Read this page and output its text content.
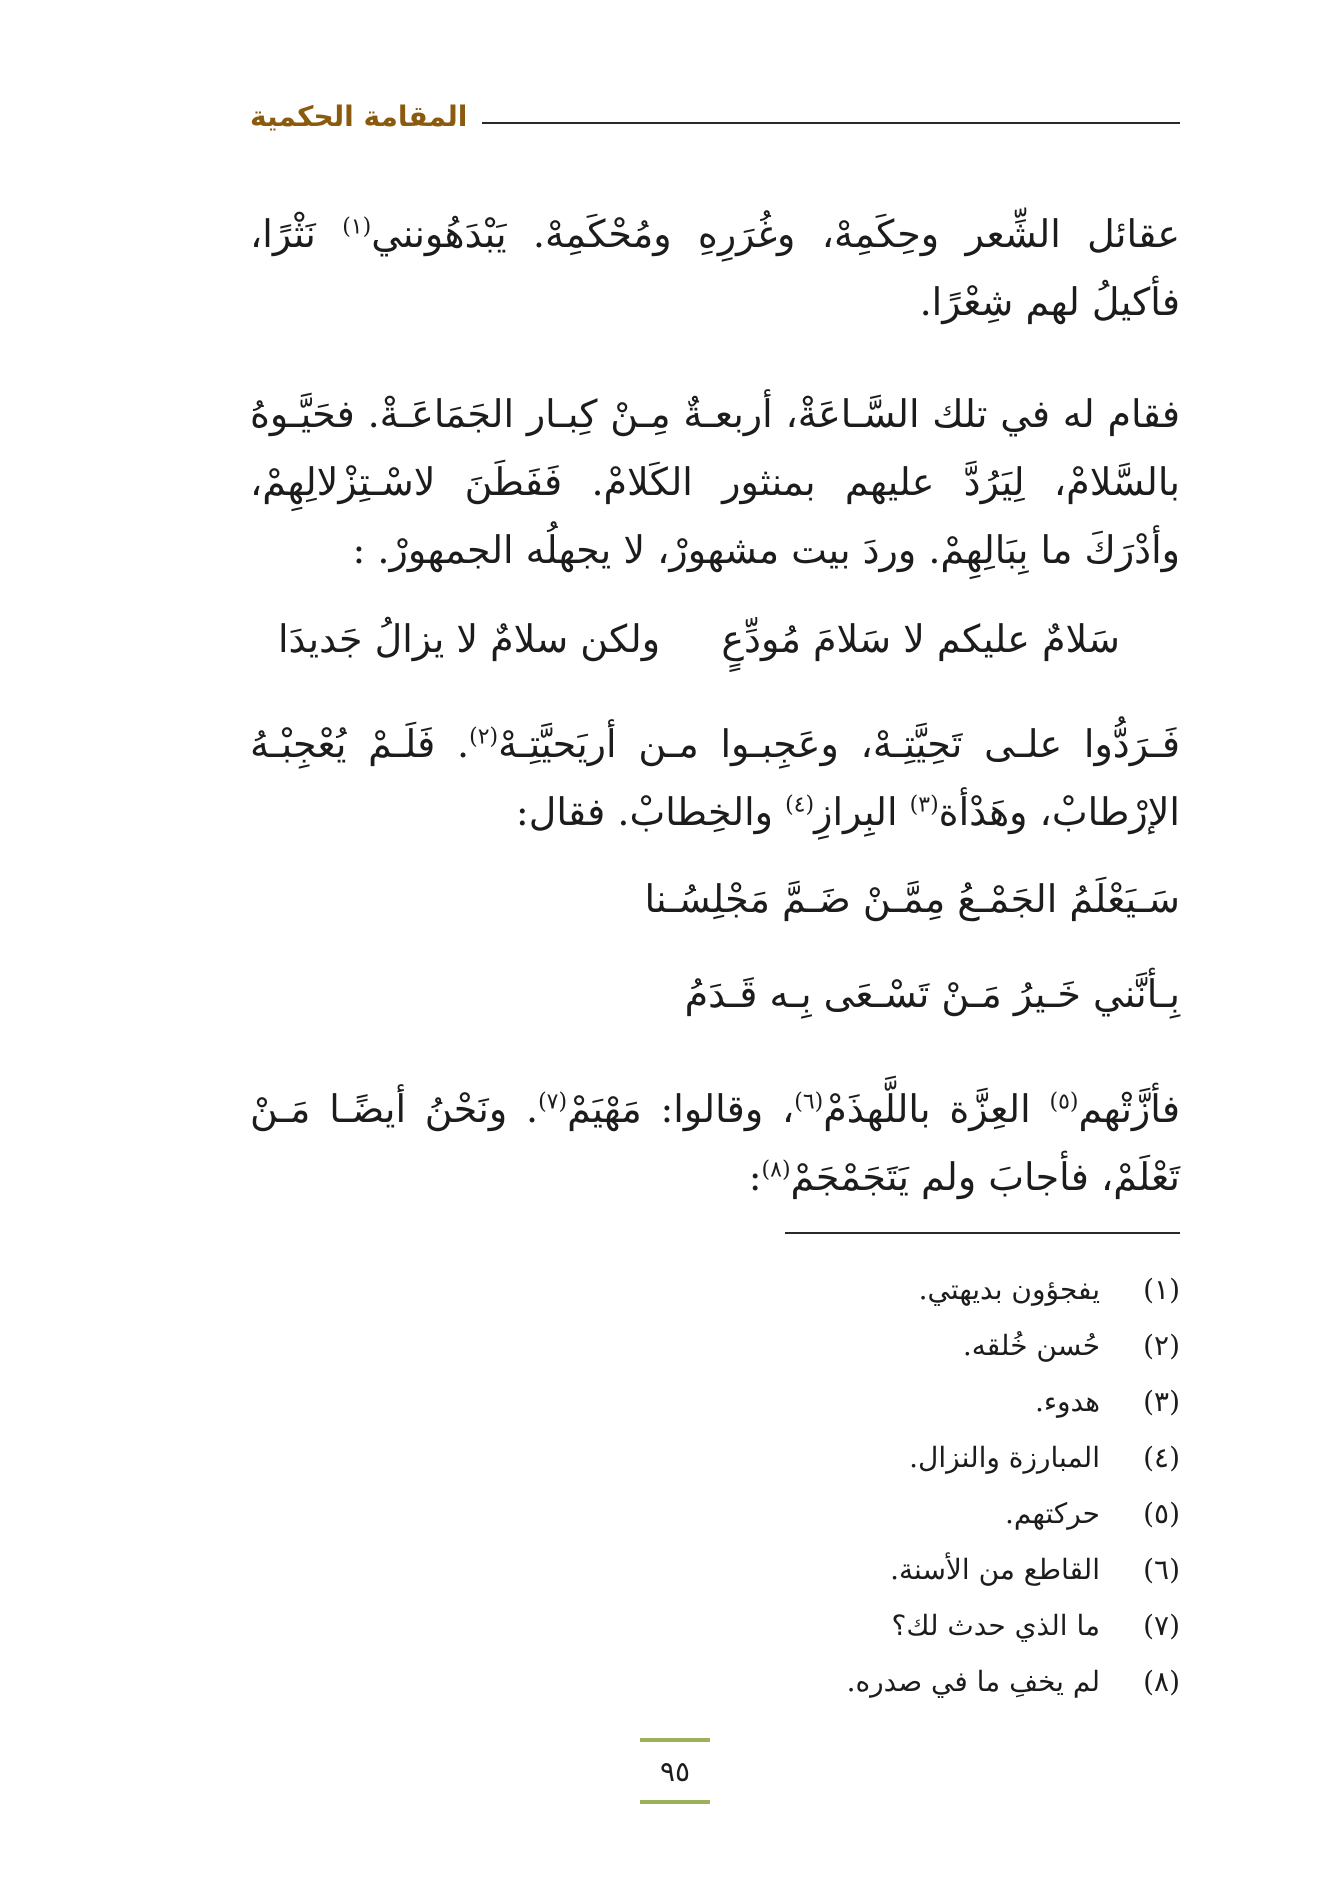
المقامة الحكمية

عقائل الشِّعر وحِكَمِهْ، وغُرَرِهِ ومُحْكَمِهْ. يَبْدَهُونني$^{(١)}$ نَثْرًا، فأكيلُ لهم شِعْرًا.

فقام له في تلك السَّـاعَةْ، أربعـةٌ مِـنْ كِبـار الجَمَاعَـةْ. فحَيَّـوهُ بالسَّلامْ، لِيَرُدَّ عليهم بمنثور الكَلامْ. فَفَطَنَ لاسْـتِزْلالِهِمْ، وأدْرَكَ ما بِبَالِهِمْ. وردَ بيت مشهورْ، لا يجهلُه الجمهورْ. :

سَلامٌ عليكم لا سَلامَ مُودِّعٍ
ولكن سلامٌ لا يزالُ جَديدَا

فَـرَدُّوا علـى تَحِيَّتِـهْ، وعَجِبـوا مـن أريَحيَّتِـهْ$^{(٢)}$. فَلَـمْ يُعْجِبْـهُ الإرْطابْ، وهَدْأة$^{(٣)}$ البِرازِ$^{(٤)}$ والخِطابْ. فقال:

سَـيَعْلَمُ الجَمْـعُ مِمَّـنْ ضَـمَّ مَجْلِسُـنا
بِـأنَّني خَـيرُ مَـنْ تَسْـعَى بِـه قَـدَمُ

فأزَّتْهم$^{(٥)}$ العِزَّة باللَّهذَمْ$^{(٦)}$، وقالوا: مَهْيَمْ$^{(٧)}$. ونَحْنُ أيضًـا مَـنْ تَعْلَمْ، فأجابَ ولم يَتَجَمْجَمْ$^{(٨)}$:

(١)يفجؤون بديهتي.
(٢)حُسن خُلقه.
(٣)هدوء.
(٤)المبارزة والنزال.
(٥)حركتهم.
(٦)القاطع من الأسنة.
(٧)ما الذي حدث لك؟
(٨)لم يخفِ ما في صدره.
٩٥
